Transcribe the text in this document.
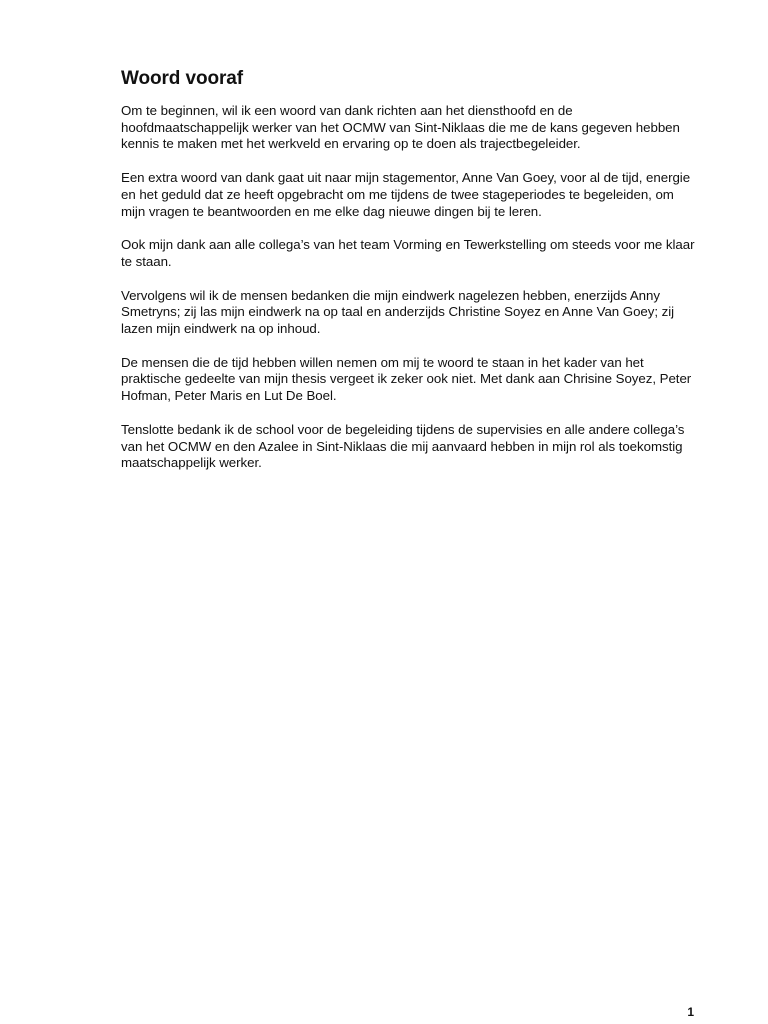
Woord vooraf

Om te beginnen, wil ik een woord van dank richten aan het diensthoofd en de hoofdmaatschappelijk werker van het OCMW van Sint-Niklaas die me de kans gegeven hebben kennis te maken met het werkveld en ervaring op te doen als trajectbegeleider.

Een extra woord van dank gaat uit naar mijn stagementor, Anne Van Goey, voor al de tijd, energie en het geduld dat ze heeft opgebracht om me tijdens de twee stageperiodes te begeleiden, om mijn vragen te beantwoorden en me elke dag nieuwe dingen bij te leren.

Ook mijn dank aan alle collega’s van het team Vorming en Tewerkstelling om steeds voor me klaar te staan.

Vervolgens wil ik de mensen bedanken die mijn eindwerk nagelezen hebben, enerzijds Anny Smetryns; zij las mijn eindwerk na op taal en anderzijds Christine Soyez en Anne Van Goey; zij lazen mijn eindwerk na op inhoud.

De mensen die de tijd hebben willen nemen om mij te woord te staan in het kader van het praktische gedeelte van mijn thesis vergeet ik zeker ook niet. Met dank aan Chrisine Soyez, Peter Hofman, Peter Maris en Lut De Boel.

Tenslotte bedank ik de school voor de begeleiding tijdens de supervisies en alle andere collega’s van het OCMW en den Azalee in Sint-Niklaas die mij aanvaard hebben in mijn rol als toekomstig maatschappelijk werker.

1
